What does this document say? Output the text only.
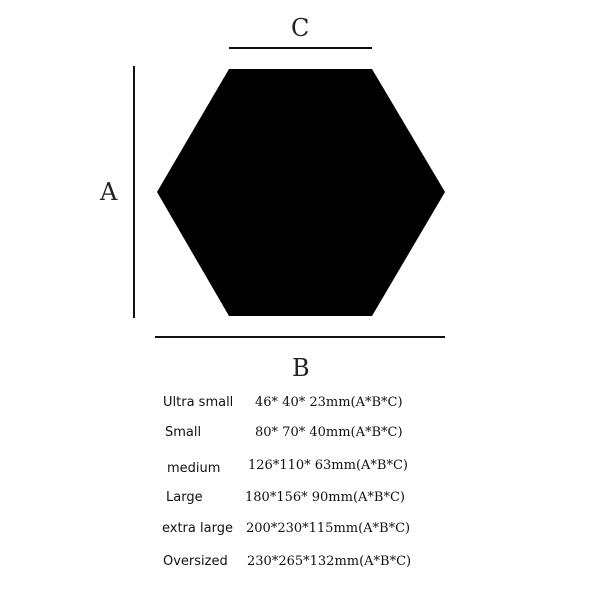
C
A
B
Ultra small 46* 40* 23mm(A*B*C)
Small	80* 70* 40mm(A*B*C)
medium 126*110* 63mm(A*B*C)
Large	180*156* 90mm(A*B*C)
extra large 200*230*115mm(A*B*C)
Oversized 230*265*132mm(A*B*C)
